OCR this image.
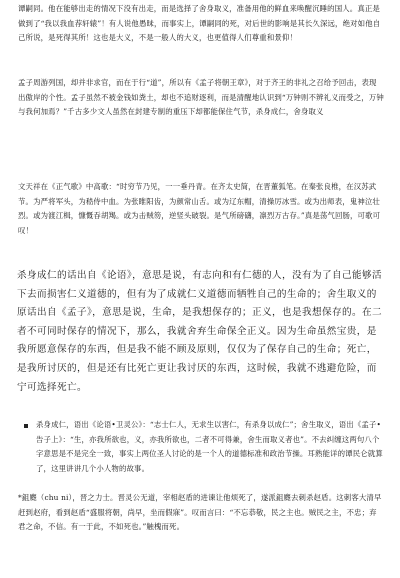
谭嗣同。他在能够出走的情况下没有出走，而是选择了舍身取义，准备用他的鲜血来唤醒沉睡的国人。真正是做到了“我以我血荐轩辕”！有人说他愚昧，而事实上，谭嗣同的死，对后世的影响是其长久深远，绝对如他自己所说，是死得其所！这也是大义，不是一般人的大义，也更值得人们尊重和景仰！

孟子周游列国，却并非求官，而在于行“道”，所以有《孟子将朝王章》，对于齐王的非礼之召给予回击，表现出傲岸的个性。孟子虽然不被金钱如粪土，却也不追财逐利，而是清醒地认识到“万钟则不辨礼义而受之，万钟与我何加焉？”千古多少文人虽然在封建专制的重压下却都能保住气节，杀身成仁，舍身取义

文天祥在《正气歌》中高歌：“时穷节乃见，一一垂丹青。在齐太史简，在晋董狐笔。在秦张良椎，在汉苏武节。为严将军头，为嵇侍中血。为张睢阳齿，为颜常山舌。或为辽东帽，清操厉冰雪。或为出师表，鬼神泣壮烈。或为渡江楫，慷慨吞胡羯。或为击贼笏，逆竖头破裂。是气所磅礴，凛烈万古存。”真是荡气回肠，可歌可叹！

杀身成仁的话出自《论语》，意思是说，有志向和有仁德的人，没有为了自己能够活下去而损害仁义道德的，但有为了成就仁义道德而牺牲自己的生命的；舍生取义的原话出自《孟子》，意思是说，生命，是我想保存的；正义，也是我想保存的。在二者不可同时保存的情况下，那么，我就舍弃生命保全正义。因为生命虽然宝贵，是我所愿意保存的东西，但是我不能不顾及原则，仅仅为了保存自己的生命；死亡，是我所讨厌的，但是还有比死亡更让我讨厌的东西，这时候，我就不逃避危险，而宁可选择死亡。

杀身成仁，语出《论语•卫灵公》：“志士仁人，无求生以害仁，有杀身以成仁”；舍生取义，语出《孟子•告子上》：“生，亦我所欲也，义，亦我所欲也，二者不可得兼，舍生而取义者也”。不去纠缠这两句八个字意思是不是完全一致，事实上两位圣人讨论的是一个人的道德标准和政治节操。耳熟能详的谭民仑就算了，这里讲讲几个小人物的故事。

*鉏麑（chu ni），晋之力士。晋灵公无道，宰相赵盾的进谏让他烦死了，遂派鉏麑去刺杀赵盾。这刺客大清早赶到赵府，看到赵盾“盛服将朝，尚早，坐而假寐”。叹而言曰：“不忘恭敬，民之主也。贼民之主，不忠；弃君之命，不信。有一于此，不如死也。”触槐而死。
